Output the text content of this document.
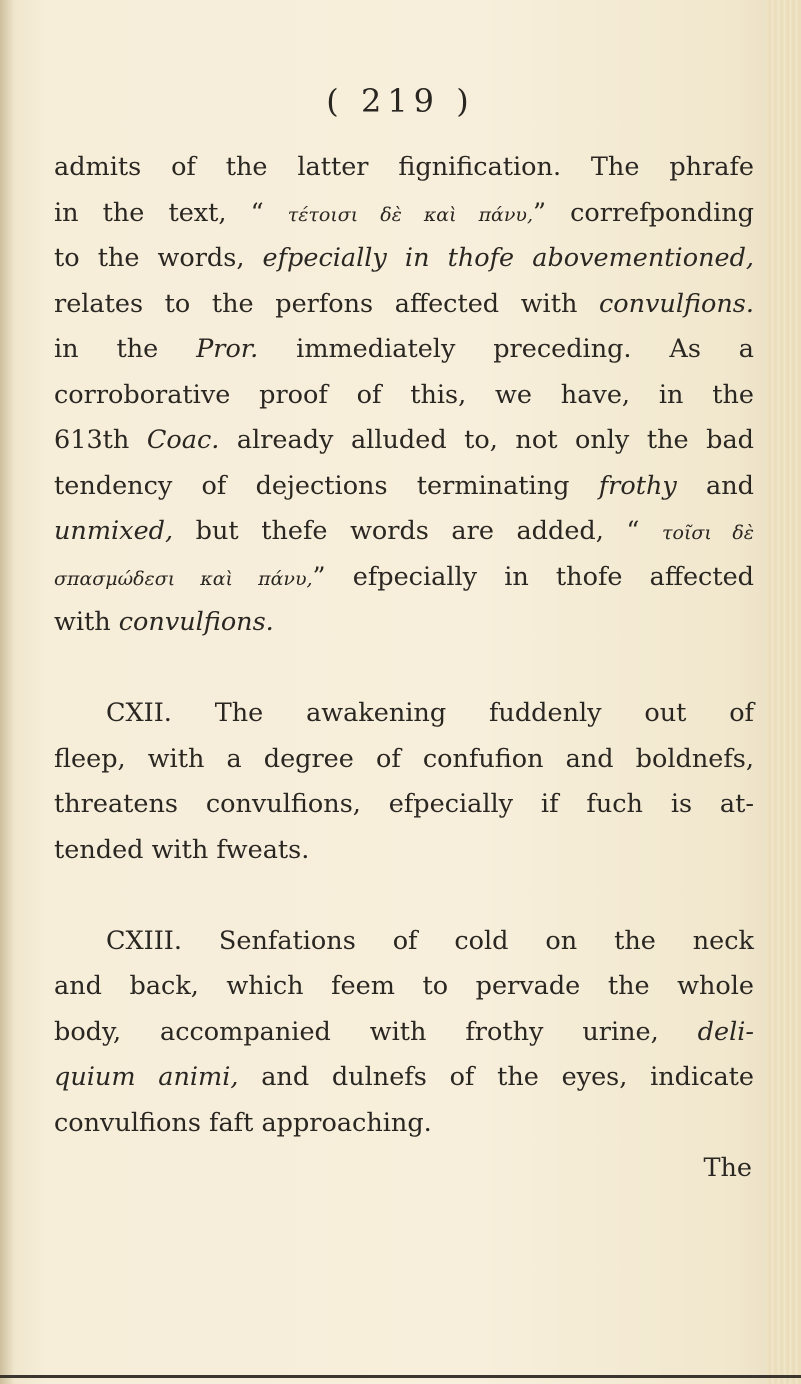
( 219 )
admits of the latter fignification. The phrafe
in the text, “ τέτοισι δὲ καὶ πάνυ,” correfponding
to the words, efpecially in thofe abovementioned,
relates to the perfons affected with convulfions.
in the Pror. immediately preceding. As a
corroborative proof of this, we have, in the
613th Coac. already alluded to, not only the bad
tendency of dejections terminating frothy and
unmixed, but thefe words are added, “ τοῖσι δὲ
σπασμώδεσι καὶ πάνυ,” efpecially in thofe affected
with convulfions.
CXII. The awakening fuddenly out of
fleep, with a degree of confufion and boldnefs,
threatens convulfions, efpecially if fuch is at-
tended with fweats.
CXIII. Senfations of cold on the neck
and back, which feem to pervade the whole
body, accompanied with frothy urine, deli-
quium animi, and dulnefs of the eyes, indicate
convulfions faft approaching.
The
